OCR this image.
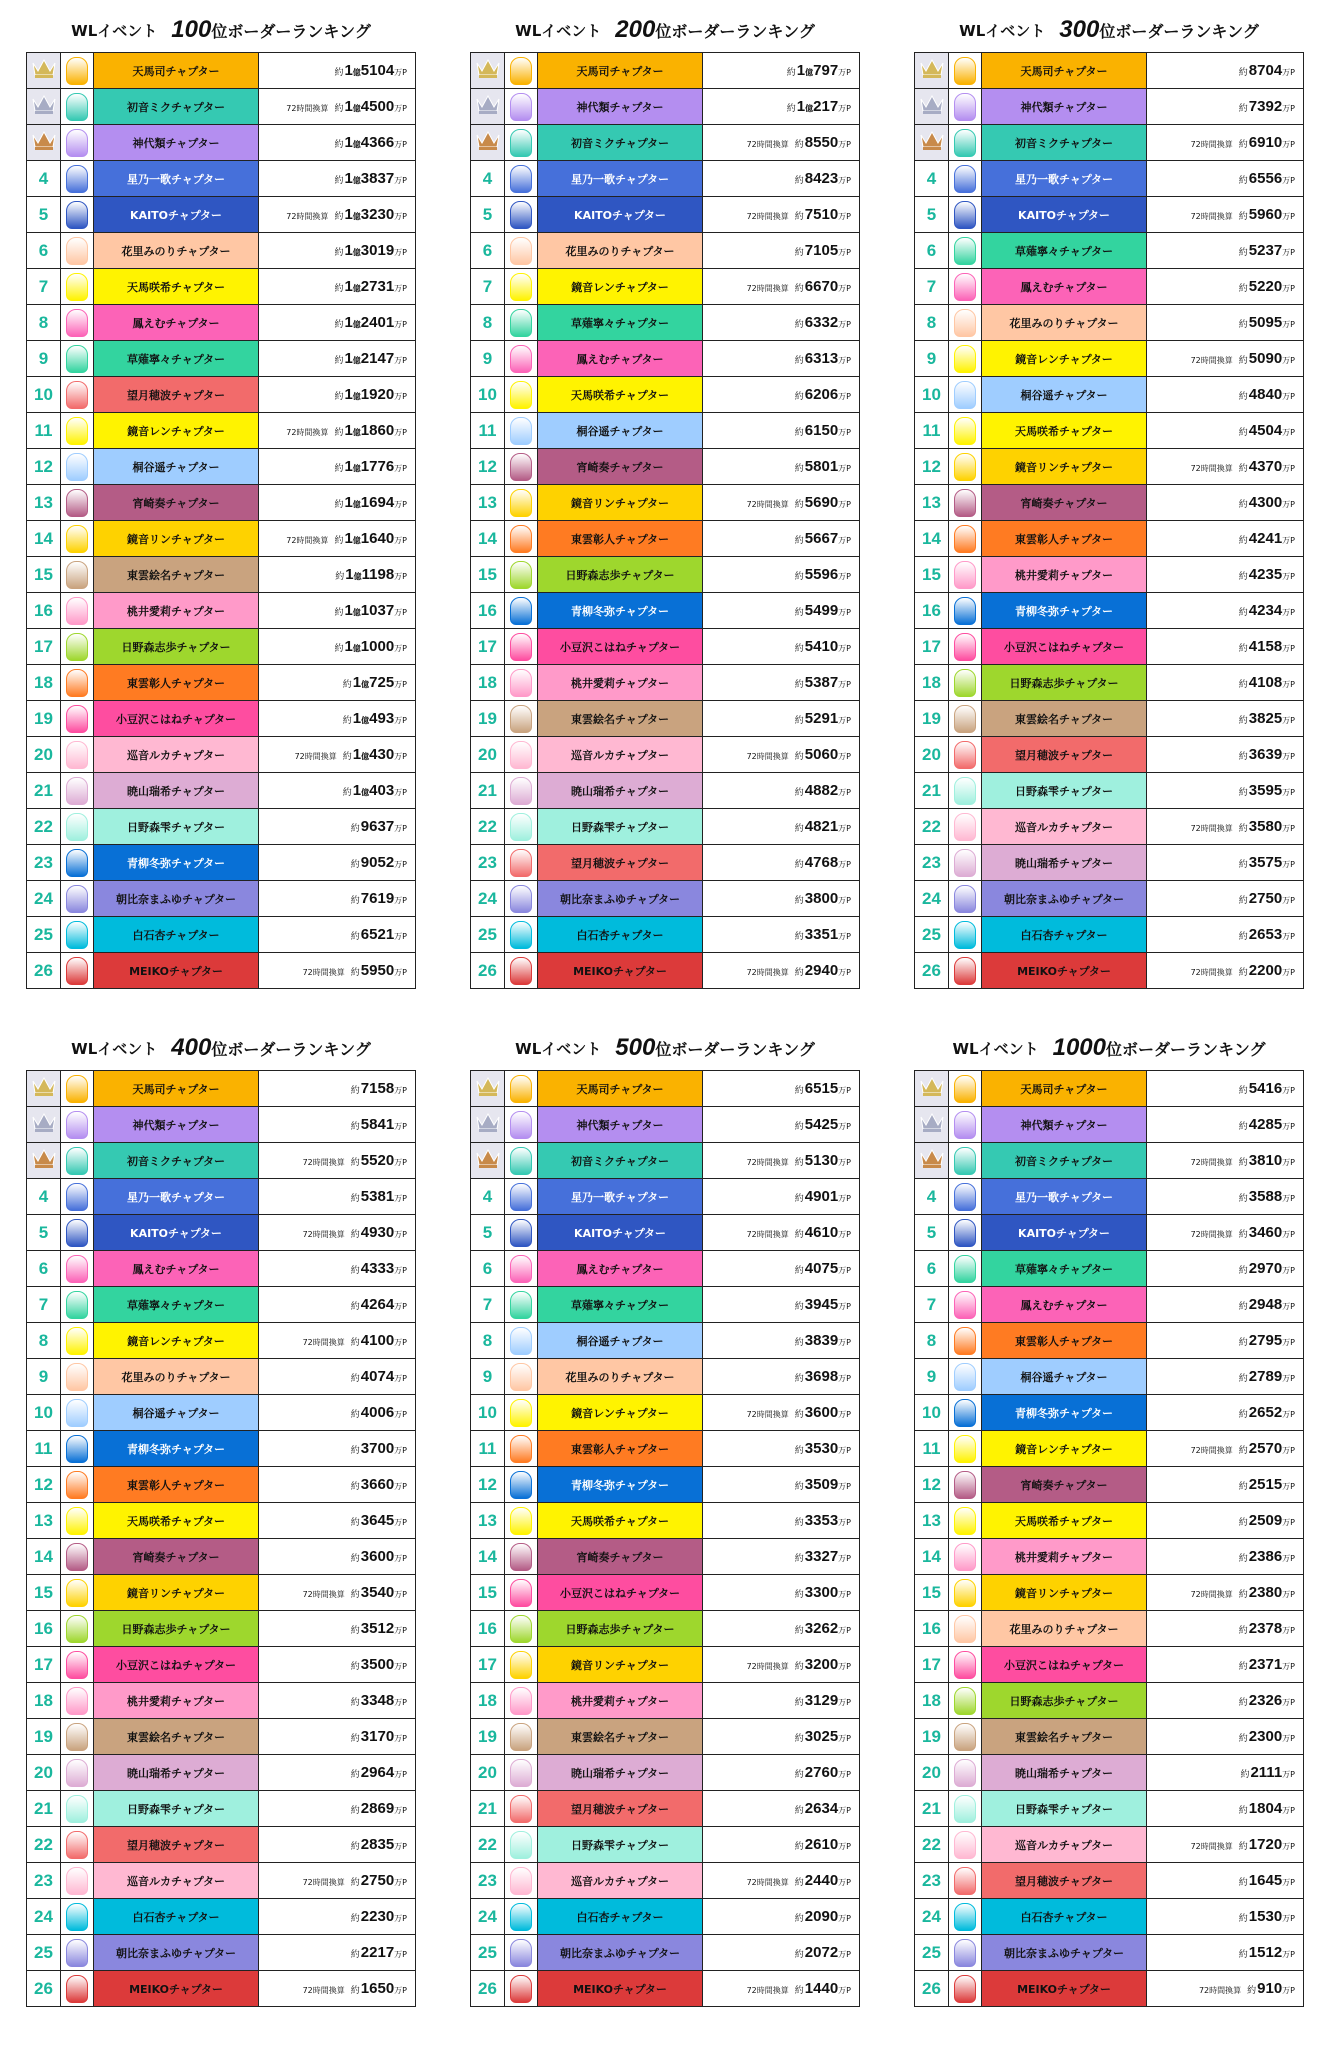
WLイベント 100 位ボーダーランキング
		天馬司チャプター	約1億5104万P
		初音ミクチャプター	72時間換算 約1億4500万P
		神代類チャプター	約1億4366万P
4		星乃一歌チャプター	約1億3837万P
5		KAITOチャプター	72時間換算 約1億3230万P
6		花里みのりチャプター	約1億3019万P
7		天馬咲希チャプター	約1億2731万P
8		鳳えむチャプター	約1億2401万P
9		草薙寧々チャプター	約1億2147万P
10		望月穂波チャプター	約1億1920万P
11		鏡音レンチャプター	72時間換算 約1億1860万P
12		桐谷遥チャプター	約1億1776万P
13		宵崎奏チャプター	約1億1694万P
14		鏡音リンチャプター	72時間換算 約1億1640万P
15		東雲絵名チャプター	約1億1198万P
16		桃井愛莉チャプター	約1億1037万P
17		日野森志歩チャプター	約1億1000万P
18		東雲彰人チャプター	約1億725万P
19		小豆沢こはねチャプター	約1億493万P
20		巡音ルカチャプター	72時間換算 約1億430万P
21		暁山瑞希チャプター	約1億403万P
22		日野森雫チャプター	約9637万P
23		青柳冬弥チャプター	約9052万P
24		朝比奈まふゆチャプター	約7619万P
25		白石杏チャプター	約6521万P
26		MEIKOチャプター	72時間換算 約5950万P
WLイベント 200 位ボーダーランキング
		天馬司チャプター	約1億797万P
		神代類チャプター	約1億217万P
		初音ミクチャプター	72時間換算 約8550万P
4		星乃一歌チャプター	約8423万P
5		KAITOチャプター	72時間換算 約7510万P
6		花里みのりチャプター	約7105万P
7		鏡音レンチャプター	72時間換算 約6670万P
8		草薙寧々チャプター	約6332万P
9		鳳えむチャプター	約6313万P
10		天馬咲希チャプター	約6206万P
11		桐谷遥チャプター	約6150万P
12		宵崎奏チャプター	約5801万P
13		鏡音リンチャプター	72時間換算 約5690万P
14		東雲彰人チャプター	約5667万P
15		日野森志歩チャプター	約5596万P
16		青柳冬弥チャプター	約5499万P
17		小豆沢こはねチャプター	約5410万P
18		桃井愛莉チャプター	約5387万P
19		東雲絵名チャプター	約5291万P
20		巡音ルカチャプター	72時間換算 約5060万P
21		暁山瑞希チャプター	約4882万P
22		日野森雫チャプター	約4821万P
23		望月穂波チャプター	約4768万P
24		朝比奈まふゆチャプター	約3800万P
25		白石杏チャプター	約3351万P
26		MEIKOチャプター	72時間換算 約2940万P
WLイベント 300 位ボーダーランキング
		天馬司チャプター	約8704万P
		神代類チャプター	約7392万P
		初音ミクチャプター	72時間換算 約6910万P
4		星乃一歌チャプター	約6556万P
5		KAITOチャプター	72時間換算 約5960万P
6		草薙寧々チャプター	約5237万P
7		鳳えむチャプター	約5220万P
8		花里みのりチャプター	約5095万P
9		鏡音レンチャプター	72時間換算 約5090万P
10		桐谷遥チャプター	約4840万P
11		天馬咲希チャプター	約4504万P
12		鏡音リンチャプター	72時間換算 約4370万P
13		宵崎奏チャプター	約4300万P
14		東雲彰人チャプター	約4241万P
15		桃井愛莉チャプター	約4235万P
16		青柳冬弥チャプター	約4234万P
17		小豆沢こはねチャプター	約4158万P
18		日野森志歩チャプター	約4108万P
19		東雲絵名チャプター	約3825万P
20		望月穂波チャプター	約3639万P
21		日野森雫チャプター	約3595万P
22		巡音ルカチャプター	72時間換算 約3580万P
23		暁山瑞希チャプター	約3575万P
24		朝比奈まふゆチャプター	約2750万P
25		白石杏チャプター	約2653万P
26		MEIKOチャプター	72時間換算 約2200万P
WLイベント 400 位ボーダーランキング
		天馬司チャプター	約7158万P
		神代類チャプター	約5841万P
		初音ミクチャプター	72時間換算 約5520万P
4		星乃一歌チャプター	約5381万P
5		KAITOチャプター	72時間換算 約4930万P
6		鳳えむチャプター	約4333万P
7		草薙寧々チャプター	約4264万P
8		鏡音レンチャプター	72時間換算 約4100万P
9		花里みのりチャプター	約4074万P
10		桐谷遥チャプター	約4006万P
11		青柳冬弥チャプター	約3700万P
12		東雲彰人チャプター	約3660万P
13		天馬咲希チャプター	約3645万P
14		宵崎奏チャプター	約3600万P
15		鏡音リンチャプター	72時間換算 約3540万P
16		日野森志歩チャプター	約3512万P
17		小豆沢こはねチャプター	約3500万P
18		桃井愛莉チャプター	約3348万P
19		東雲絵名チャプター	約3170万P
20		暁山瑞希チャプター	約2964万P
21		日野森雫チャプター	約2869万P
22		望月穂波チャプター	約2835万P
23		巡音ルカチャプター	72時間換算 約2750万P
24		白石杏チャプター	約2230万P
25		朝比奈まふゆチャプター	約2217万P
26		MEIKOチャプター	72時間換算 約1650万P
WLイベント 500 位ボーダーランキング
		天馬司チャプター	約6515万P
		神代類チャプター	約5425万P
		初音ミクチャプター	72時間換算 約5130万P
4		星乃一歌チャプター	約4901万P
5		KAITOチャプター	72時間換算 約4610万P
6		鳳えむチャプター	約4075万P
7		草薙寧々チャプター	約3945万P
8		桐谷遥チャプター	約3839万P
9		花里みのりチャプター	約3698万P
10		鏡音レンチャプター	72時間換算 約3600万P
11		東雲彰人チャプター	約3530万P
12		青柳冬弥チャプター	約3509万P
13		天馬咲希チャプター	約3353万P
14		宵崎奏チャプター	約3327万P
15		小豆沢こはねチャプター	約3300万P
16		日野森志歩チャプター	約3262万P
17		鏡音リンチャプター	72時間換算 約3200万P
18		桃井愛莉チャプター	約3129万P
19		東雲絵名チャプター	約3025万P
20		暁山瑞希チャプター	約2760万P
21		望月穂波チャプター	約2634万P
22		日野森雫チャプター	約2610万P
23		巡音ルカチャプター	72時間換算 約2440万P
24		白石杏チャプター	約2090万P
25		朝比奈まふゆチャプター	約2072万P
26		MEIKOチャプター	72時間換算 約1440万P
WLイベント 1000 位ボーダーランキング
		天馬司チャプター	約5416万P
		神代類チャプター	約4285万P
		初音ミクチャプター	72時間換算 約3810万P
4		星乃一歌チャプター	約3588万P
5		KAITOチャプター	72時間換算 約3460万P
6		草薙寧々チャプター	約2970万P
7		鳳えむチャプター	約2948万P
8		東雲彰人チャプター	約2795万P
9		桐谷遥チャプター	約2789万P
10		青柳冬弥チャプター	約2652万P
11		鏡音レンチャプター	72時間換算 約2570万P
12		宵崎奏チャプター	約2515万P
13		天馬咲希チャプター	約2509万P
14		桃井愛莉チャプター	約2386万P
15		鏡音リンチャプター	72時間換算 約2380万P
16		花里みのりチャプター	約2378万P
17		小豆沢こはねチャプター	約2371万P
18		日野森志歩チャプター	約2326万P
19		東雲絵名チャプター	約2300万P
20		暁山瑞希チャプター	約2111万P
21		日野森雫チャプター	約1804万P
22		巡音ルカチャプター	72時間換算 約1720万P
23		望月穂波チャプター	約1645万P
24		白石杏チャプター	約1530万P
25		朝比奈まふゆチャプター	約1512万P
26		MEIKOチャプター	72時間換算 約910万P
